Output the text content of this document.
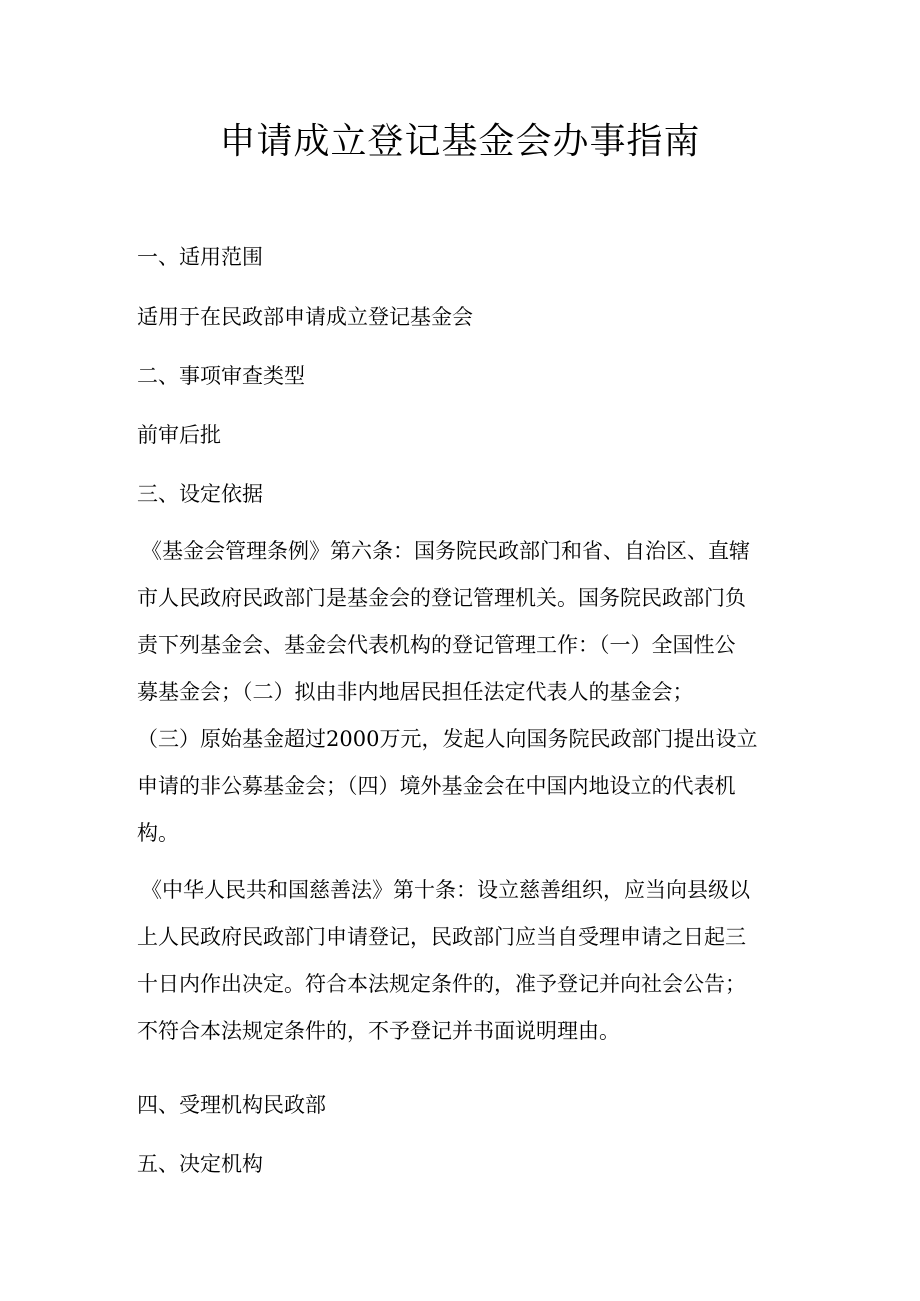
申请成立登记基金会办事指南
一、适用范围
适用于在民政部申请成立登记基金会
二、事项审查类型
前审后批
三、设定依据
《基金会管理条例》第六条：国务院民政部门和省、自治区、直辖
市人民政府民政部门是基金会的登记管理机关。国务院民政部门负
责下列基金会、基金会代表机构的登记管理工作：（一）全国性公
募基金会；（二）拟由非内地居民担任法定代表人的基金会；
（三）原始基金超过2000万元，发起人向国务院民政部门提出设立
申请的非公募基金会；（四）境外基金会在中国内地设立的代表机
构。
《中华人民共和国慈善法》第十条：设立慈善组织，应当向县级以
上人民政府民政部门申请登记，民政部门应当自受理申请之日起三
十日内作出决定。符合本法规定条件的，准予登记并向社会公告；
不符合本法规定条件的，不予登记并书面说明理由。
四、受理机构民政部
五、决定机构
